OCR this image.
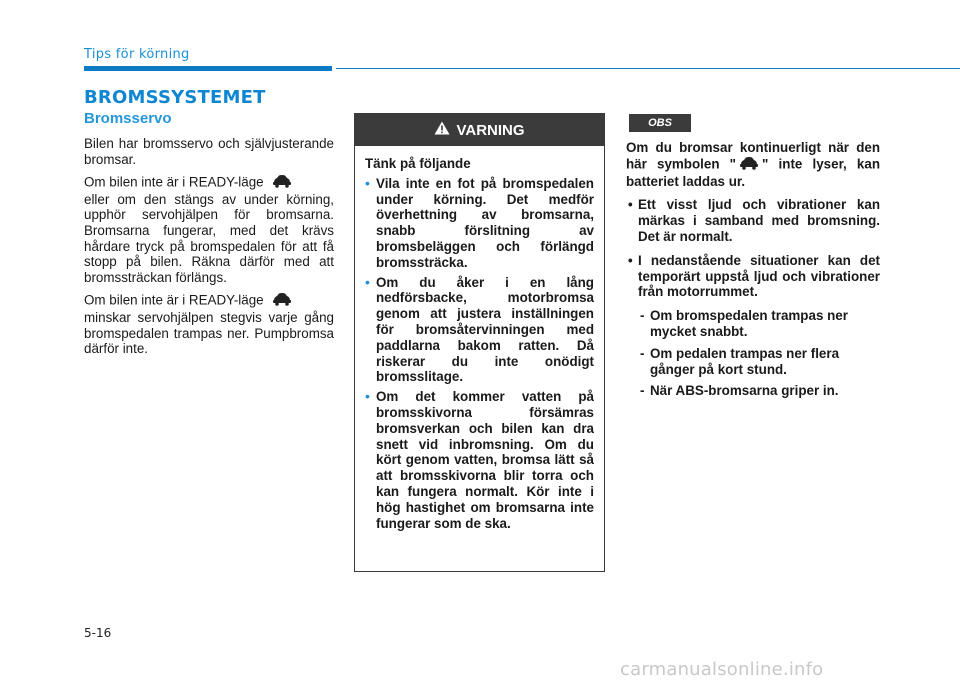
Tips för körning
BROMSSYSTEMET
Bromsservo

Bilen har bromsservo och självjusterande bromsar.

Om bilen inte är i READY-läge
eller om den stängs av under körning, upphör servohjälpen för bromsarna. Bromsarna fungerar, med det krävs hårdare tryck på bromspedalen för att få stopp på bilen. Räkna därför med att bromssträckan förlängs.

Om bilen inte är i READY-läge
minskar servohjälpen stegvis varje gång bromspedalen trampas ner. Pumpbromsa därför inte.

VARNING
Tänk på följande
• Vila inte en fot på bromspedalen under körning. Det medför överhettning av bromsarna, snabb förslitning av bromsbeläggen och förlängd bromssträcka.
• Om du åker i en lång nedförsbacke, motorbromsa genom att justera inställningen för bromsåtervinningen med paddlarna bakom ratten. Då riskerar du inte onödigt bromsslitage.
• Om det kommer vatten på bromsskivorna försämras bromsverkan och bilen kan dra snett vid inbromsning. Om du kört genom vatten, bromsa lätt så att bromsskivorna blir torra och kan fungera normalt. Kör inte i hög hastighet om bromsarna inte fungerar som de ska.
OBS

Om du bromsar kontinuerligt när den här symbolen " " inte lyser, kan batteriet laddas ur.

• Ett visst ljud och vibrationer kan märkas i samband med bromsning. Det är normalt.
• I nedanstående situationer kan det temporärt uppstå ljud och vibrationer från motorrummet.
- Om bromspedalen trampas ner mycket snabbt.
- Om pedalen trampas ner flera gånger på kort stund.
- När ABS-bromsarna griper in.
5-16
carmanualsonline.info
